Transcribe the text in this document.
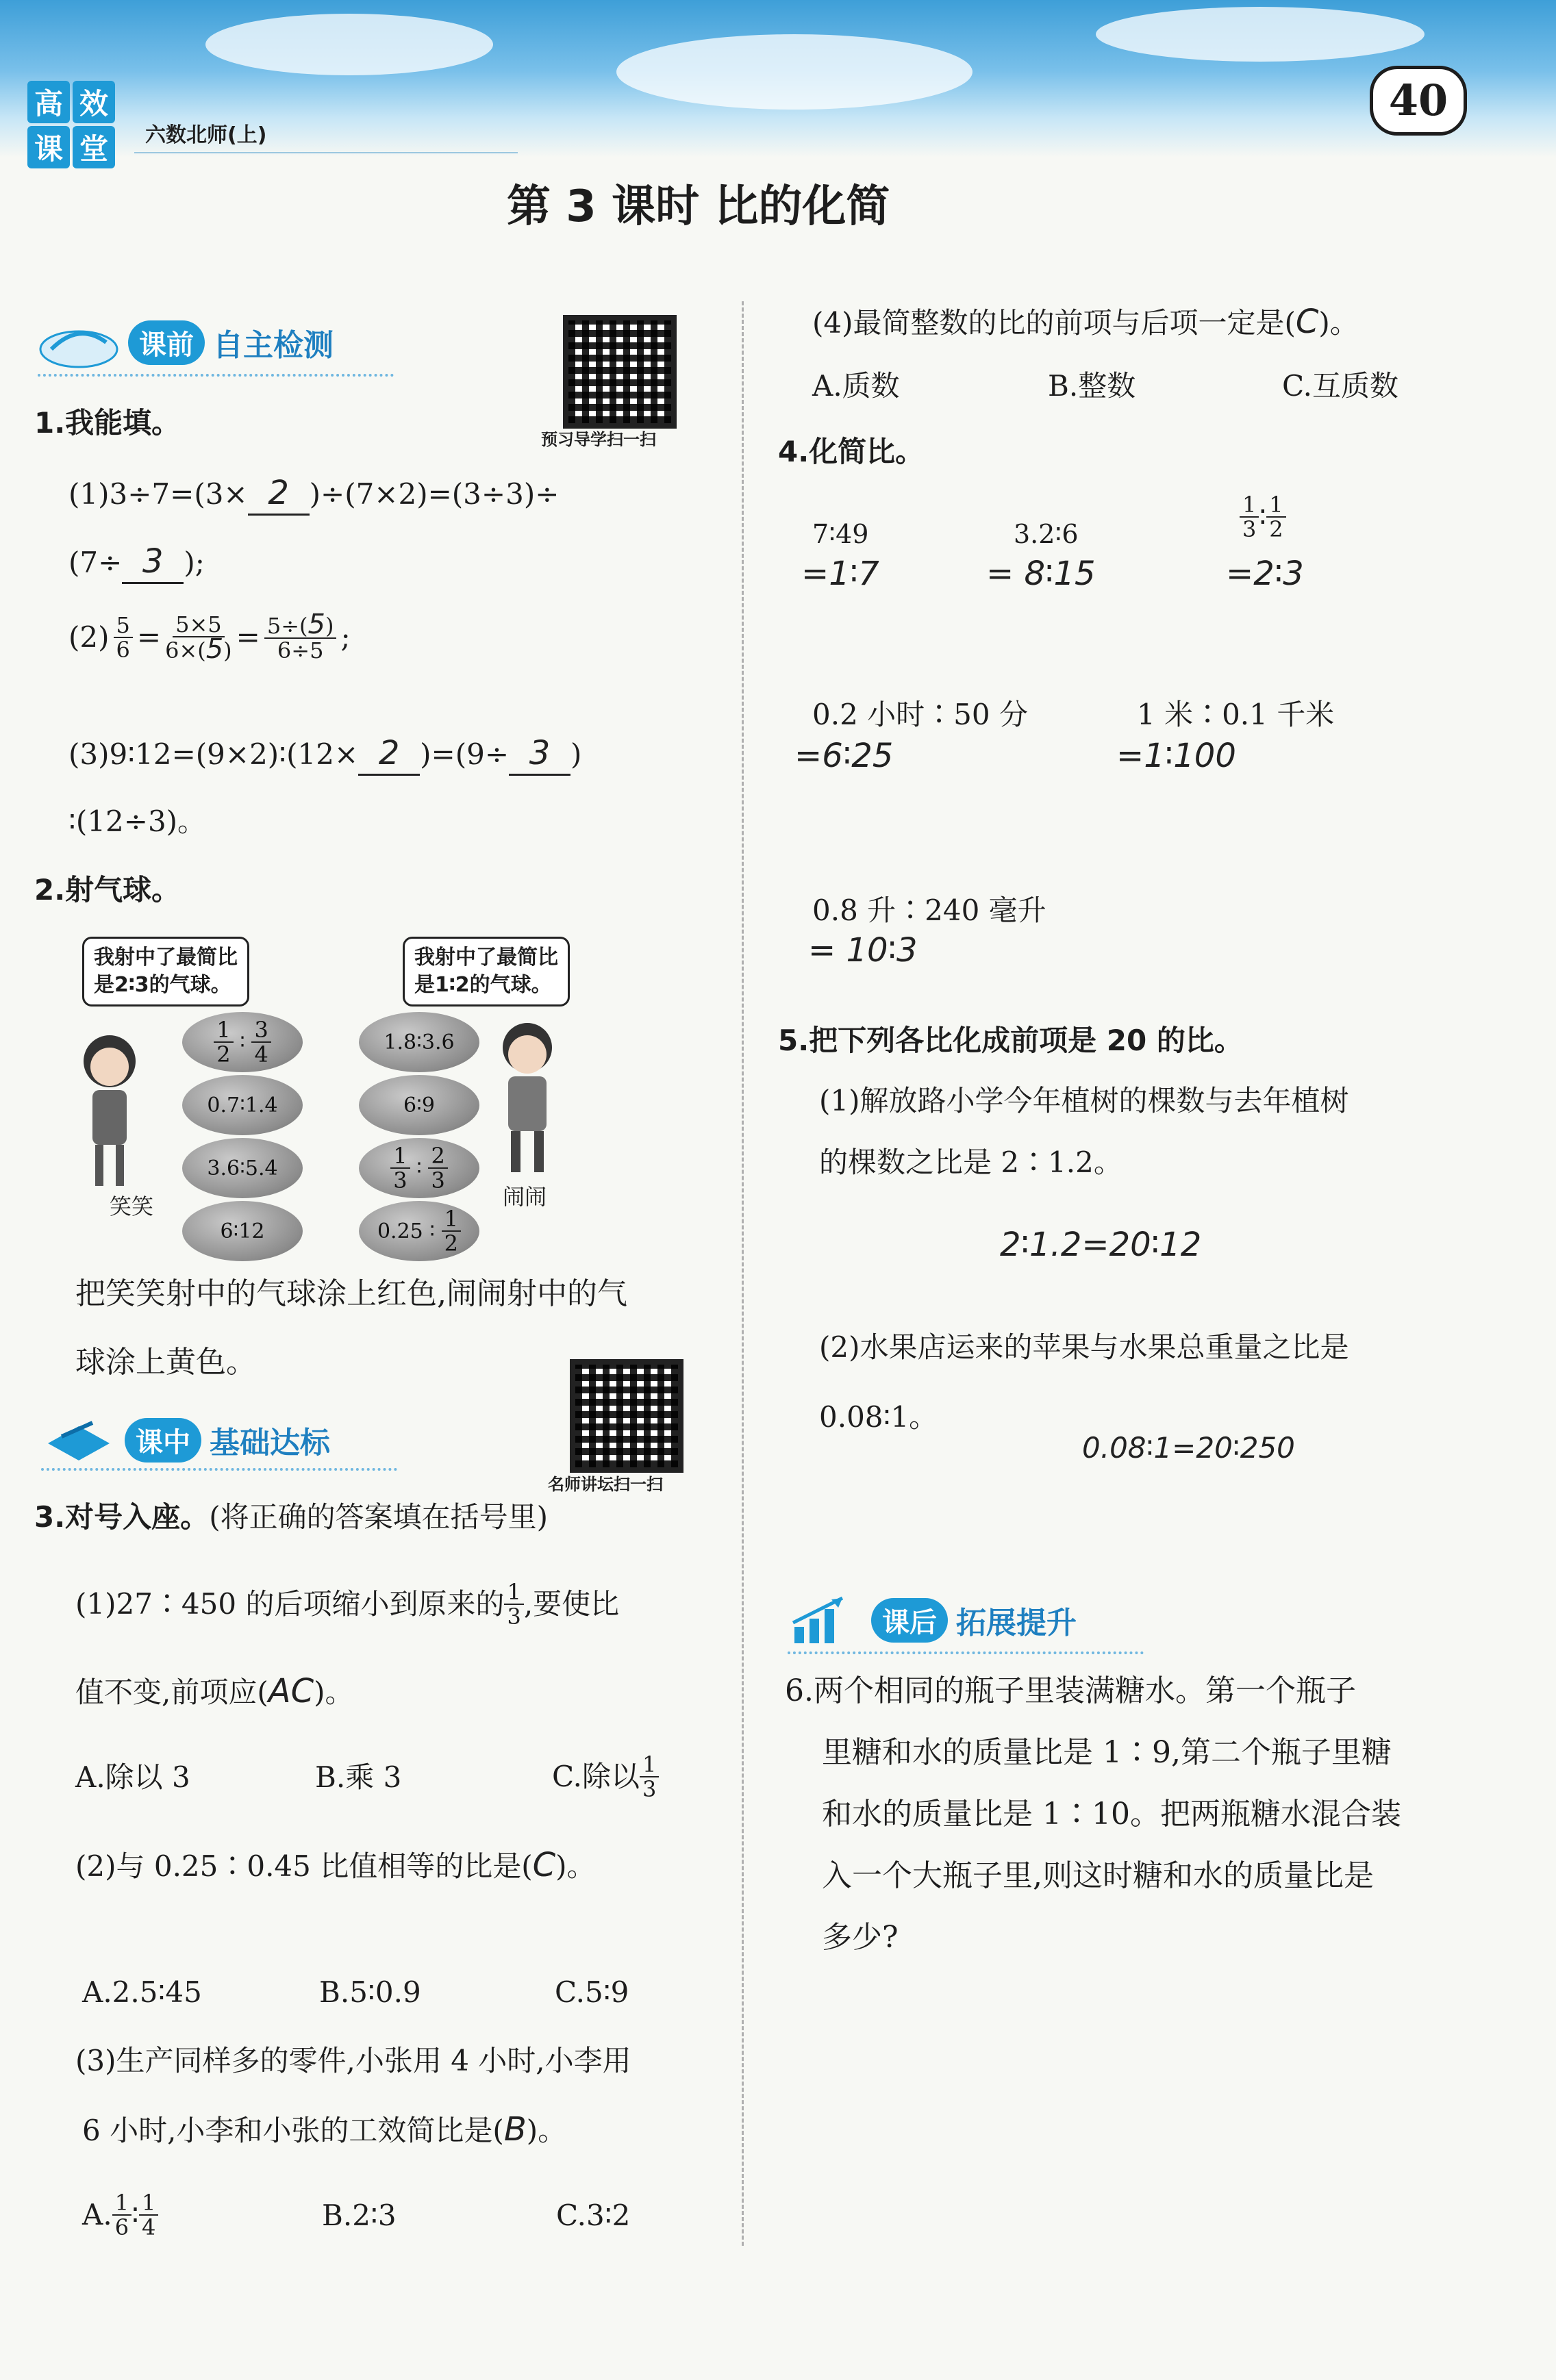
高 效
课 堂	六数北师(上)
40
第 3 课时 比的化简
课前 自主检测
预习导学扫一扫
1.我能填。
(1)3÷7=(3× 2 )÷(7×2)=(3÷3)÷
(7÷ 3 );
$(2) \frac{5}{6} = \frac{5\times 5}{6\times(5)} = \frac{5\div(5)}{6\div 5}$ ;
(3)9∶12=(9×2)∶(12× 2 )=(9÷ 3 )
∶(12÷3)。
2.射气球。
我射中了最简比
是2∶3的气球。
我射中了最简比
是1∶2的气球。
笑笑	闹闹
$\frac{1}{2}$ ∶ $\frac{3}{4}$
0.7∶1.4
3.6∶5.4
6∶12
1.8∶3.6
6∶9
$\frac{1}{3}$ ∶ $\frac{2}{3}$
0.25 ∶ $\frac{1}{2}$
把笑笑射中的气球涂上红色,闹闹射中的气
球涂上黄色。
课中 基础达标
名师讲坛扫一扫
3.对号入座。(将正确的答案填在括号里)
(1)27∶450 的后项缩小到原来的 $\frac{1}{3}$ ,要使比
值不变,前项应(AC)。
A.除以 3	B.乘 3	C.除以 $\frac{1}{3}$
(2)与 0.25∶0.45 比值相等的比是(C)。
A.2.5∶45	B.5∶0.9	C.5∶9
(3)生产同样多的零件,小张用 4 小时,小李用
6 小时,小李和小张的工效简比是(B)。
A. $\frac{1}{6}$ ∶ $\frac{1}{4}$	B.2∶3	C.3∶2
(4)最简整数的比的前项与后项一定是(C)。
A.质数	B.整数	C.互质数
4.化简比。
7∶49	3.2∶6	$\frac{1}{3}$ ∶ $\frac{1}{2}$
=1∶7	= 8∶15	=2∶3
0.2 小时∶50 分	1 米∶0.1 千米
=6∶25	=1∶100
0.8 升∶240 毫升
= 10∶3
5.把下列各比化成前项是 20 的比。
(1)解放路小学今年植树的棵数与去年植树
的棵数之比是 2∶1.2。
2∶1.2=20∶12
(2)水果店运来的苹果与水果总重量之比是
0.08∶1。
0.08∶1=20∶250
课后 拓展提升
6.两个相同的瓶子里装满糖水。第一个瓶子
里糖和水的质量比是 1∶9,第二个瓶子里糖
和水的质量比是 1∶10。把两瓶糖水混合装
入一个大瓶子里,则这时糖和水的质量比是
多少?
